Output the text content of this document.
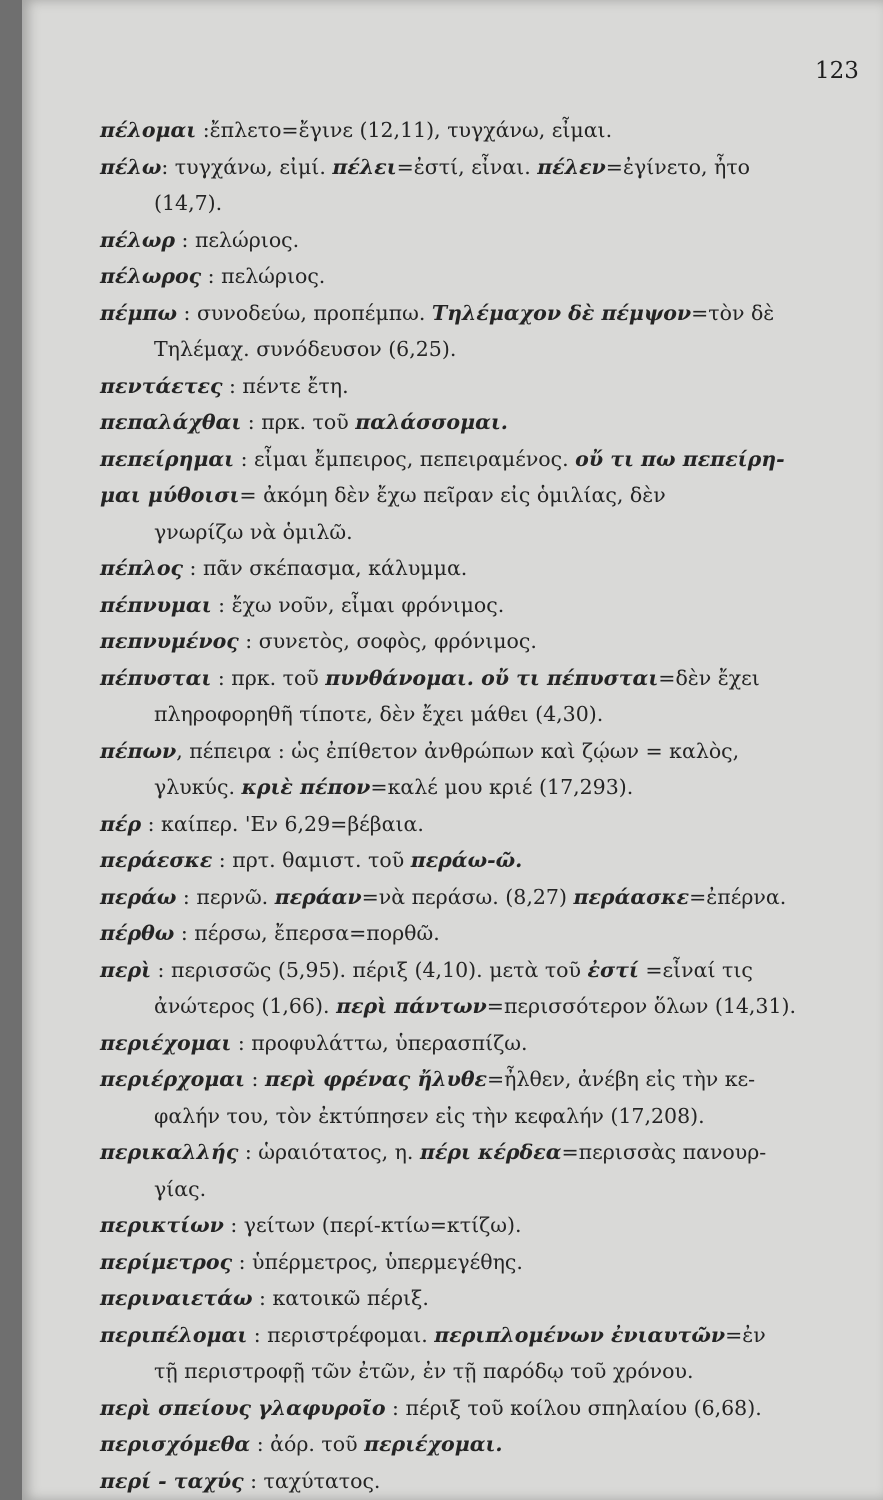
123
πέλομαι :ἔπλετο=ἔγινε (12,11), τυγχάνω, εἶμαι.
πέλω: τυγχάνω, εἰμί. πέλει=ἐστί, εἶναι. πέλεν=ἐγίνετο, ἦτο
(14,7).
πέλωρ : πελώριος.
πέλωρος : πελώριος.
πέμπω : συνοδεύω, προπέμπω. Τηλέμαχον δὲ πέμψον=τὸν δὲ
Τηλέμαχ. συνόδευσον (6,25).
πεντάετες : πέντε ἔτη.
πεπαλάχθαι : πρκ. τοῦ παλάσσομαι.
πεπείρημαι : εἶμαι ἔμπειρος, πεπειραμένος. οὔ τι πω πεπείρη-
μαι μύθοισι= ἀκόμη δὲν ἔχω πεῖραν εἰς ὁμιλίας, δὲν
γνωρίζω νὰ ὁμιλῶ.
πέπλος : πᾶν σκέπασμα, κάλυμμα.
πέπνυμαι : ἔχω νοῦν, εἶμαι φρόνιμος.
πεπνυμένος : συνετὸς, σοφὸς, φρόνιμος.
πέπυσται : πρκ. τοῦ πυνθάνομαι. οὔ τι πέπυσται=δὲν ἔχει
πληροφορηθῆ τίποτε, δὲν ἔχει μάθει (4,30).
πέπων, πέπειρα : ὡς ἐπίθετον ἀνθρώπων καὶ ζῴων = καλὸς,
γλυκύς. κριὲ πέπον=καλέ μου κριέ (17,293).
πέρ : καίπερ. 'Εν 6,29=βέβαια.
περάεσκε : πρτ. θαμιστ. τοῦ περάω-ῶ.
περάω : περνῶ. περάαν=νὰ περάσω. (8,27) περάασκε=ἐπέρνα.
πέρθω : πέρσω, ἔπερσα=πορθῶ.
περὶ : περισσῶς (5,95). πέριξ (4,10). μετὰ τοῦ ἐστί =εἶναί τις
ἀνώτερος (1,66). περὶ πάντων=περισσότερον ὅλων (14,31).
περιέχομαι : προφυλάττω, ὑπερασπίζω.
περιέρχομαι : περὶ φρένας ἤλυθε=ἦλθεν, ἀνέβη εἰς τὴν κε-
φαλήν του, τὸν ἐκτύπησεν εἰς τὴν κεφαλήν (17,208).
περικαλλής : ὡραιότατος, η. πέρι κέρδεα=περισσὰς πανουρ-
γίας.
περικτίων : γείτων (περί-κτίω=κτίζω).
περίμετρος : ὑπέρμετρος, ὑπερμεγέθης.
περιναιετάω : κατοικῶ πέριξ.
περιπέλομαι : περιστρέφομαι. περιπλομένων ἐνιαυτῶν=ἐν
τῇ περιστροφῇ τῶν ἐτῶν, ἐν τῇ παρόδῳ τοῦ χρόνου.
περὶ σπείους γλαφυροῖο : πέριξ τοῦ κοίλου σπηλαίου (6,68).
περισχόμεθα : ἀόρ. τοῦ περιέχομαι.
περί - ταχύς : ταχύτατος.
